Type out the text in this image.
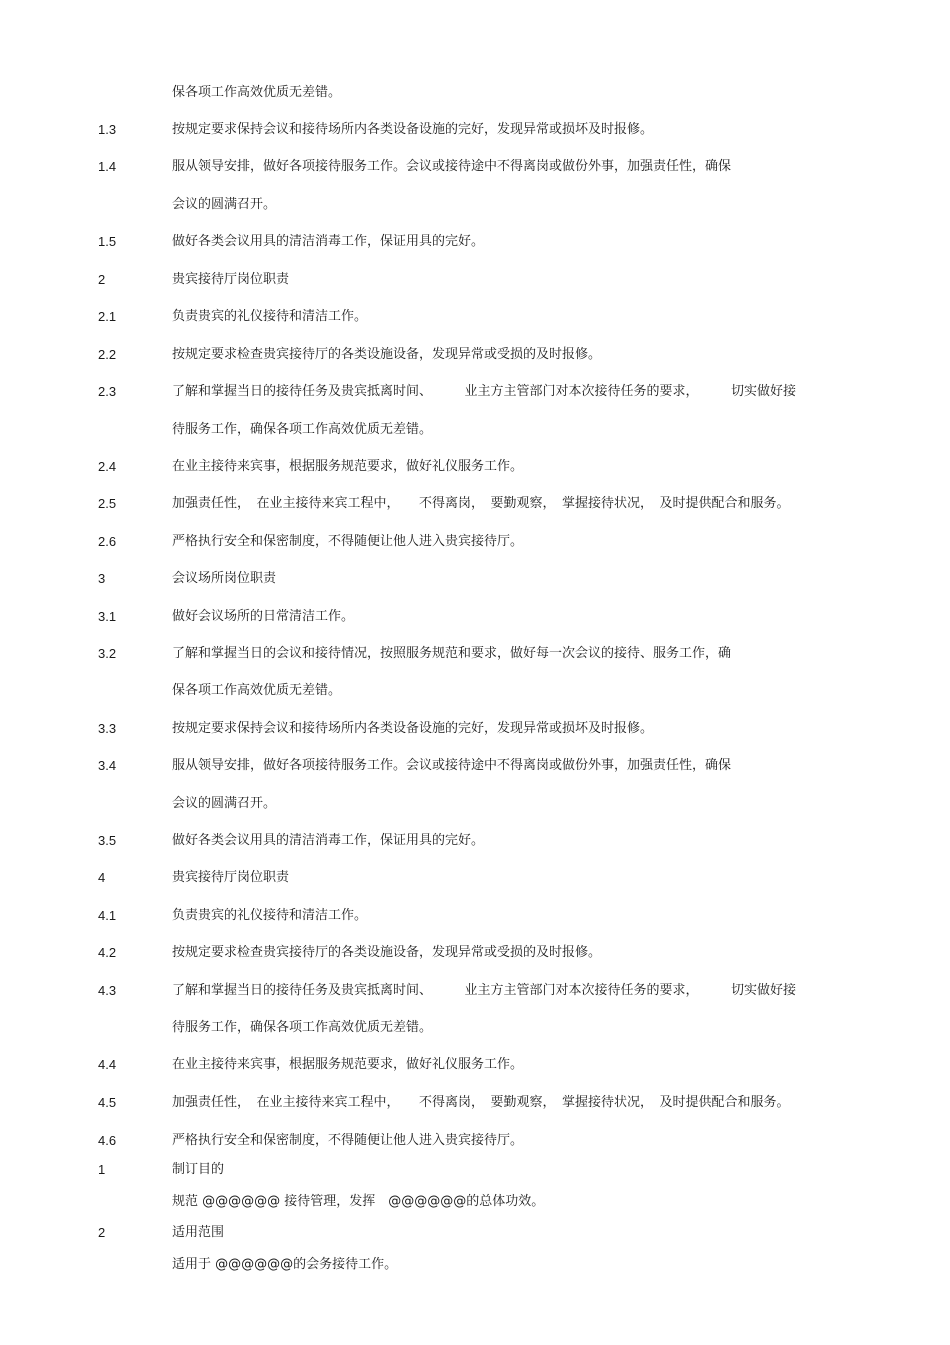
保各项工作高效优质无差错。
1.3	按规定要求保持会议和接待场所内各类设备设施的完好，发现异常或损坏及时报修。
1.4	服从领导安排，做好各项接待服务工作。会议或接待途中不得离岗或做份外事，加强责任性，确保
会议的圆满召开。
1.5	做好各类会议用具的清洁消毒工作，保证用具的完好。
2	贵宾接待厅岗位职责
2.1	负责贵宾的礼仪接待和清洁工作。
2.2	按规定要求检查贵宾接待厅的各类设施设备，发现异常或受损的及时报修。
2.3	了解和掌握当日的接待任务及贵宾抵离时间、　　　业主方主管部门对本次接待任务的要求，　　　切实做好接
待服务工作，确保各项工作高效优质无差错。
2.4	在业主接待来宾事，根据服务规范要求，做好礼仪服务工作。
2.5	加强责任性，　在业主接待来宾工程中，　　不得离岗，　要勤观察，　掌握接待状况，　及时提供配合和服务。
2.6	严格执行安全和保密制度，不得随便让他人进入贵宾接待厅。
3	会议场所岗位职责
3.1	做好会议场所的日常清洁工作。
3.2	了解和掌握当日的会议和接待情况，按照服务规范和要求，做好每一次会议的接待、服务工作，确
保各项工作高效优质无差错。
3.3	按规定要求保持会议和接待场所内各类设备设施的完好，发现异常或损坏及时报修。
3.4	服从领导安排，做好各项接待服务工作。会议或接待途中不得离岗或做份外事，加强责任性，确保
会议的圆满召开。
3.5	做好各类会议用具的清洁消毒工作，保证用具的完好。
4	贵宾接待厅岗位职责
4.1	负责贵宾的礼仪接待和清洁工作。
4.2	按规定要求检查贵宾接待厅的各类设施设备，发现异常或受损的及时报修。
4.3	了解和掌握当日的接待任务及贵宾抵离时间、　　　业主方主管部门对本次接待任务的要求，　　　切实做好接
待服务工作，确保各项工作高效优质无差错。
4.4	在业主接待来宾事，根据服务规范要求，做好礼仪服务工作。
4.5	加强责任性，　在业主接待来宾工程中，　　不得离岗，　要勤观察，　掌握接待状况，　及时提供配合和服务。
4.6	严格执行安全和保密制度，不得随便让他人进入贵宾接待厅。
1	制订目的
规范 @@@@@@ 接待管理，发挥　@@@@@@的总体功效。
2	适用范围
适用于 @@@@@@的会务接待工作。
